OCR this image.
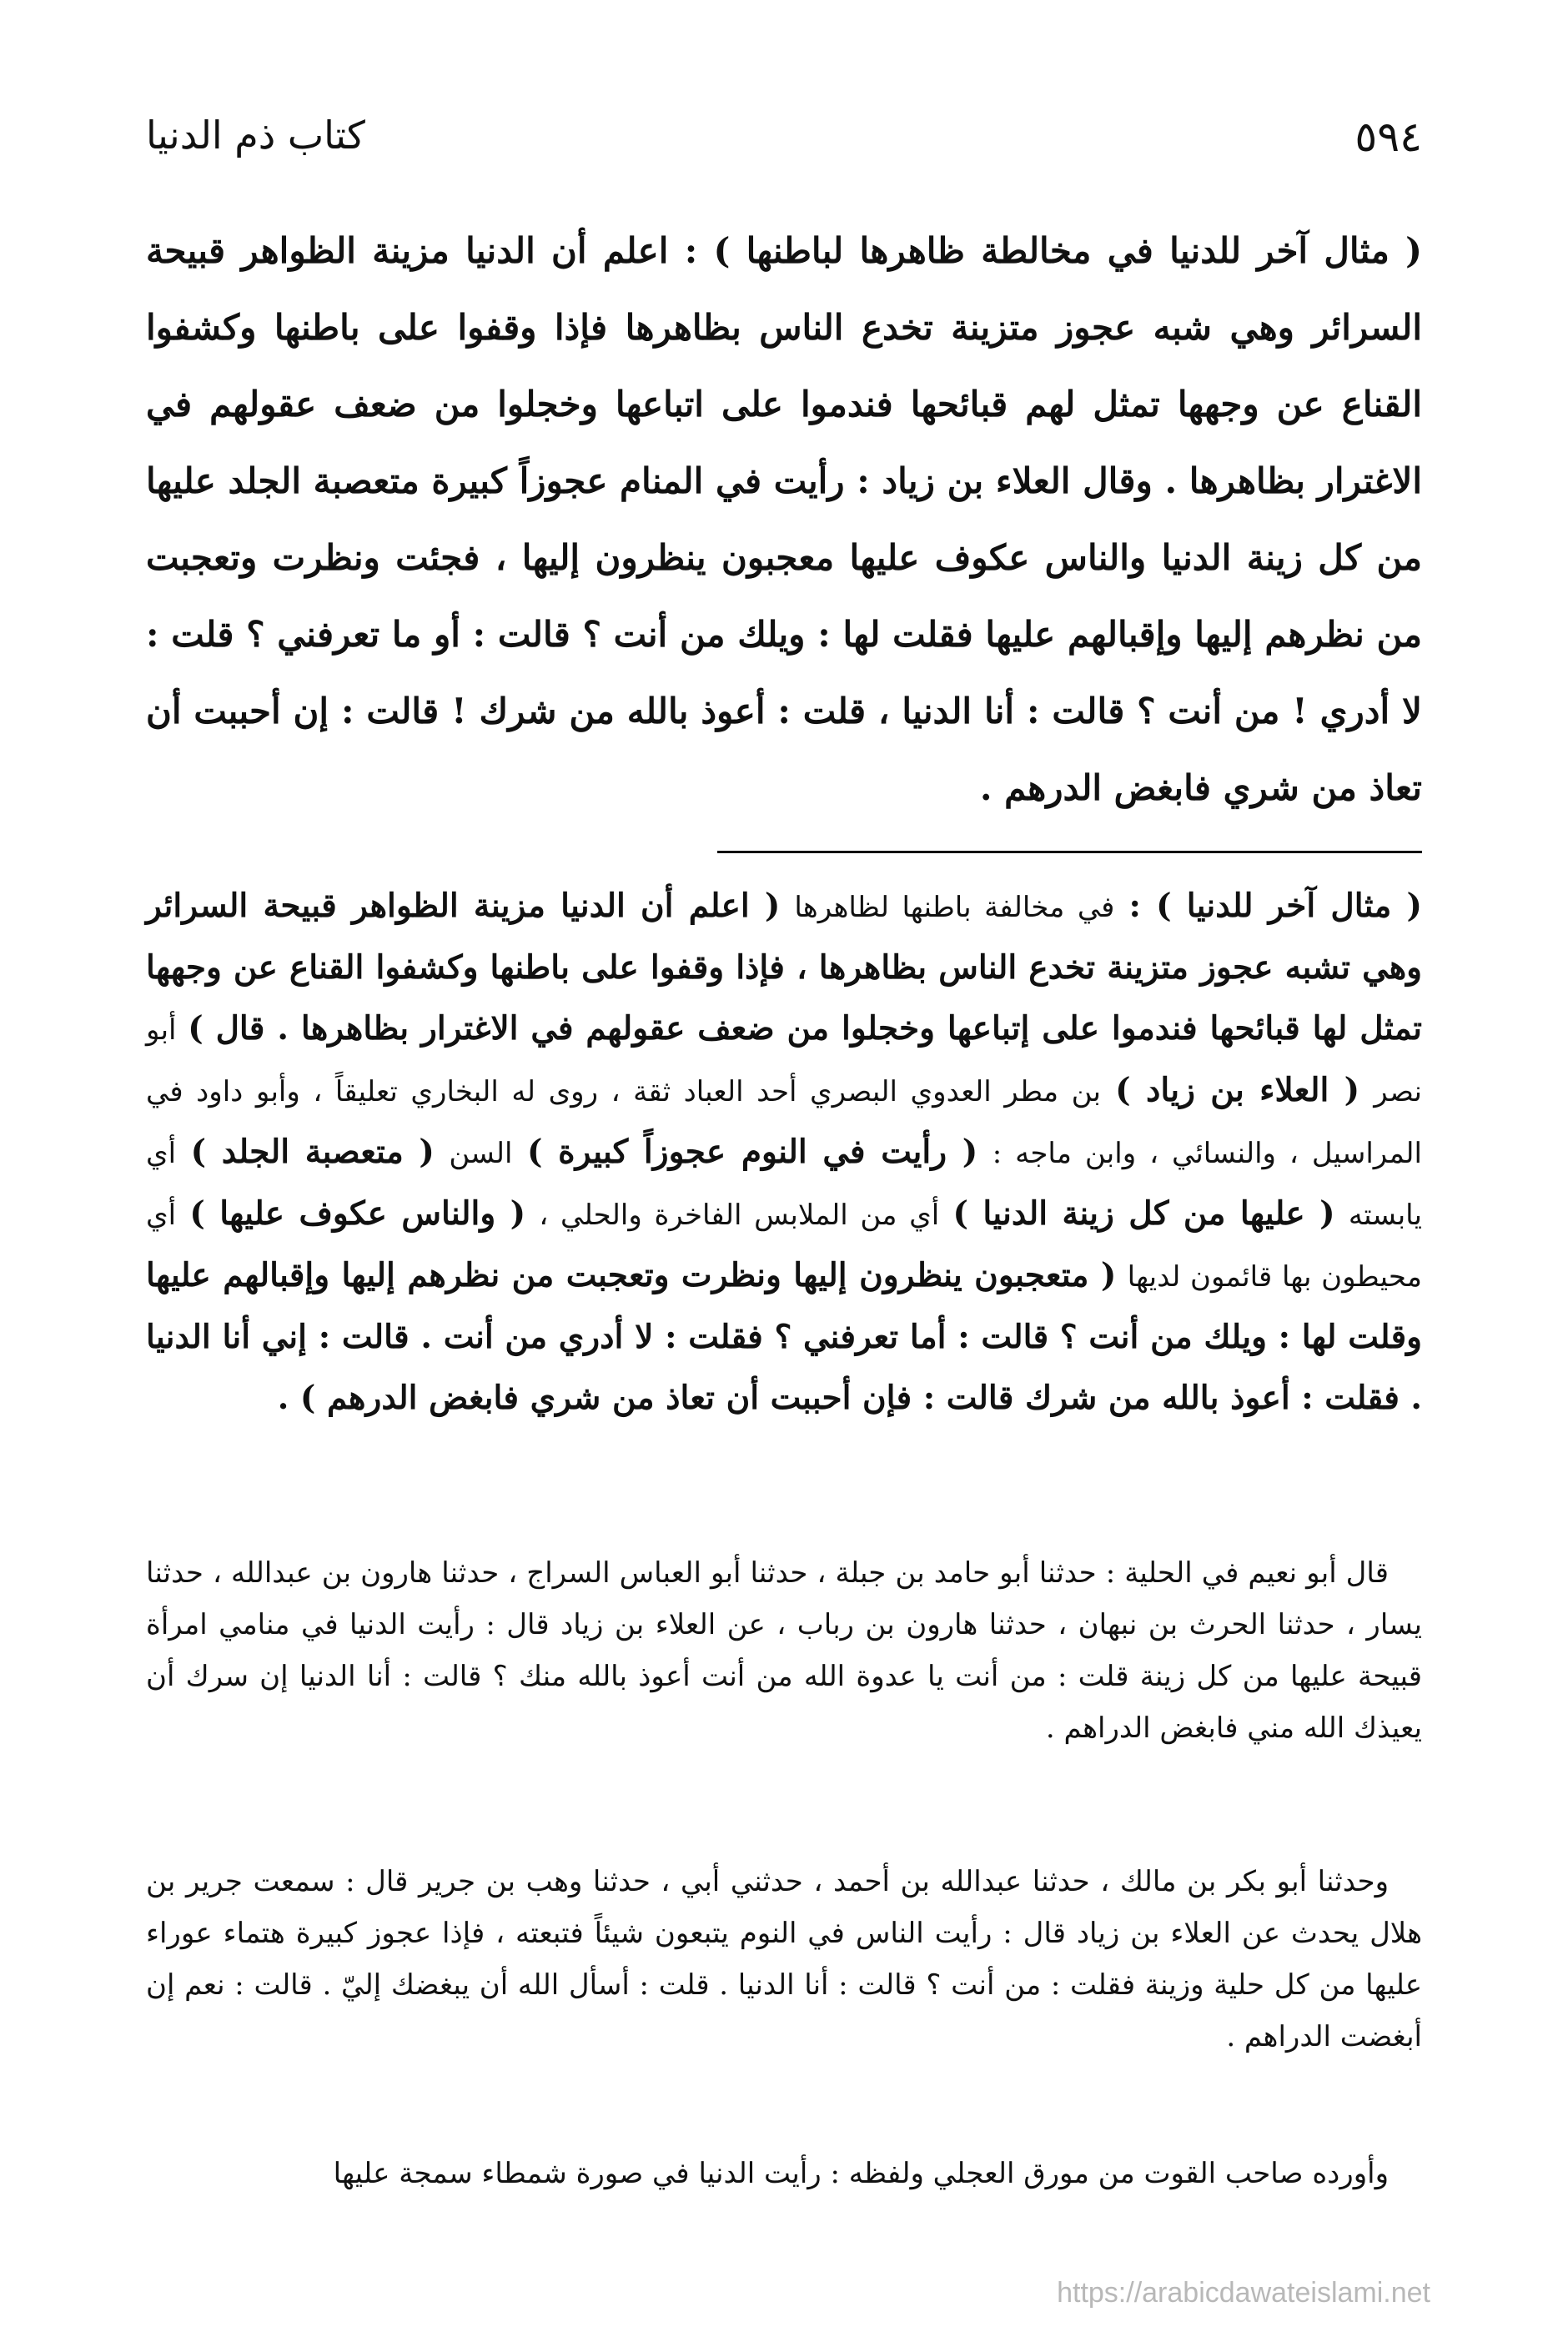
٥٩٤
كتاب ذم الدنيا
( مثال آخر للدنيا في مخالطة ظاهرها لباطنها ) : اعلم أن الدنيا مزينة الظواهر قبيحة السرائر وهي شبه عجوز متزينة تخدع الناس بظاهرها فإذا وقفوا على باطنها وكشفوا القناع عن وجهها تمثل لهم قبائحها فندموا على اتباعها وخجلوا من ضعف عقولهم في الاغترار بظاهرها . وقال العلاء بن زياد : رأيت في المنام عجوزاً كبيرة متعصبة الجلد عليها من كل زينة الدنيا والناس عكوف عليها معجبون ينظرون إليها ، فجئت ونظرت وتعجبت من نظرهم إليها وإقبالهم عليها فقلت لها : ويلك من أنت ؟ قالت : أو ما تعرفني ؟ قلت : لا أدري ! من أنت ؟ قالت : أنا الدنيا ، قلت : أعوذ بالله من شرك ! قالت : إن أحببت أن تعاذ من شري فابغض الدرهم .
( مثال آخر للدنيا ) : في مخالفة باطنها لظاهرها ( اعلم أن الدنيا مزينة الظواهر قبيحة السرائر وهي تشبه عجوز متزينة تخدع الناس بظاهرها ، فإذا وقفوا على باطنها وكشفوا القناع عن وجهها تمثل لها قبائحها فندموا على إتباعها وخجلوا من ضعف عقولهم في الاغترار بظاهرها . قال ) أبو نصر ( العلاء بن زياد ) بن مطر العدوي البصري أحد العباد ثقة ، روى له البخاري تعليقاً ، وأبو داود في المراسيل ، والنسائي ، وابن ماجه : ( رأيت في النوم عجوزاً كبيرة ) السن ( متعصبة الجلد ) أي يابسته ( عليها من كل زينة الدنيا ) أي من الملابس الفاخرة والحلي ، ( والناس عكوف عليها ) أي محيطون بها قائمون لديها ( متعجبون ينظرون إليها ونظرت وتعجبت من نظرهم إليها وإقبالهم عليها وقلت لها : ويلك من أنت ؟ قالت : أما تعرفني ؟ فقلت : لا أدري من أنت . قالت : إني أنا الدنيا . فقلت : أعوذ بالله من شرك قالت : فإن أحببت أن تعاذ من شري فابغض الدرهم ) .

قال أبو نعيم في الحلية : حدثنا أبو حامد بن جبلة ، حدثنا أبو العباس السراج ، حدثنا هارون بن عبدالله ، حدثنا يسار ، حدثنا الحرث بن نبهان ، حدثنا هارون بن رباب ، عن العلاء بن زياد قال : رأيت الدنيا في منامي امرأة قبيحة عليها من كل زينة قلت : من أنت يا عدوة الله من أنت أعوذ بالله منك ؟ قالت : أنا الدنيا إن سرك أن يعيذك الله مني فابغض الدراهم .

وحدثنا أبو بكر بن مالك ، حدثنا عبدالله بن أحمد ، حدثني أبي ، حدثنا وهب بن جرير قال : سمعت جرير بن هلال يحدث عن العلاء بن زياد قال : رأيت الناس في النوم يتبعون شيئاً فتبعته ، فإذا عجوز كبيرة هتماء عوراء عليها من كل حلية وزينة فقلت : من أنت ؟ قالت : أنا الدنيا . قلت : أسأل الله أن يبغضك إليّ . قالت : نعم إن أبغضت الدراهم .

وأورده صاحب القوت من مورق العجلي ولفظه : رأيت الدنيا في صورة شمطاء سمجة عليها

https://arabicdawateislami.net
